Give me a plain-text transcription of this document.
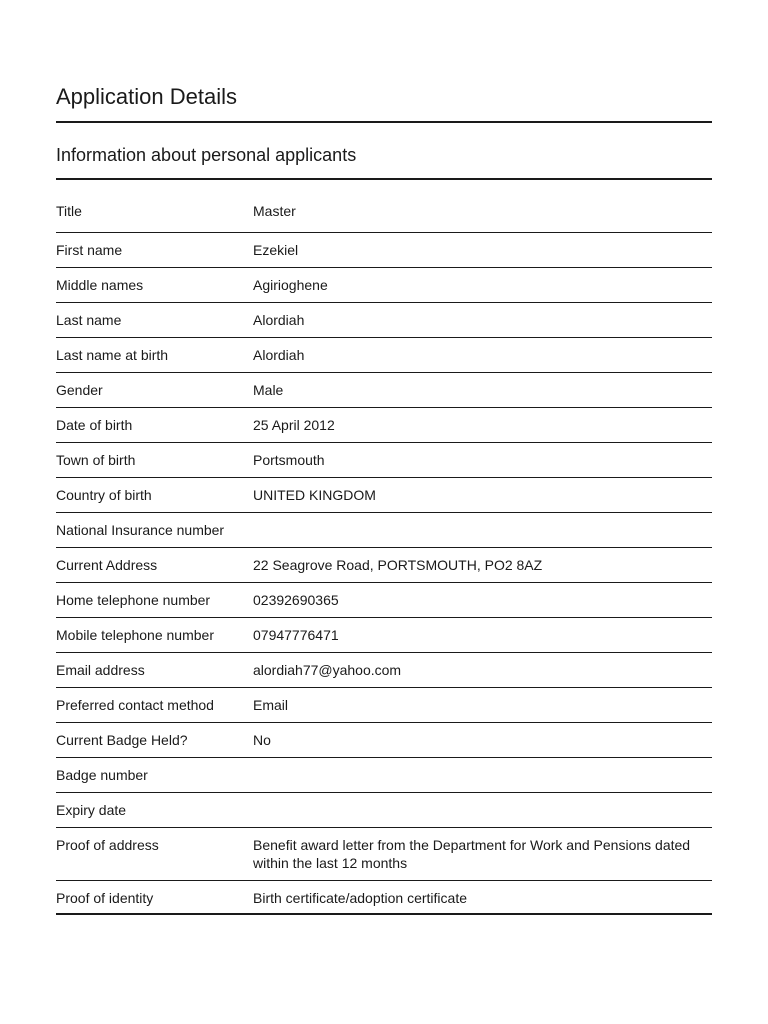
Application Details
Information about personal applicants
Title	Master
First name	Ezekiel
Middle names	Agirioghene
Last name	Alordiah
Last name at birth	Alordiah
Gender	Male
Date of birth	25 April 2012
Town of birth	Portsmouth
Country of birth	UNITED KINGDOM
National Insurance number
Current Address	22 Seagrove Road, PORTSMOUTH, PO2 8AZ
Home telephone number	02392690365
Mobile telephone number	07947776471
Email address	alordiah77@yahoo.com
Preferred contact method	Email
Current Badge Held?	No
Badge number
Expiry date
Proof of address	Benefit award letter from the Department for Work and Pensions dated within the last 12 months
Proof of identity	Birth certificate/adoption certificate
